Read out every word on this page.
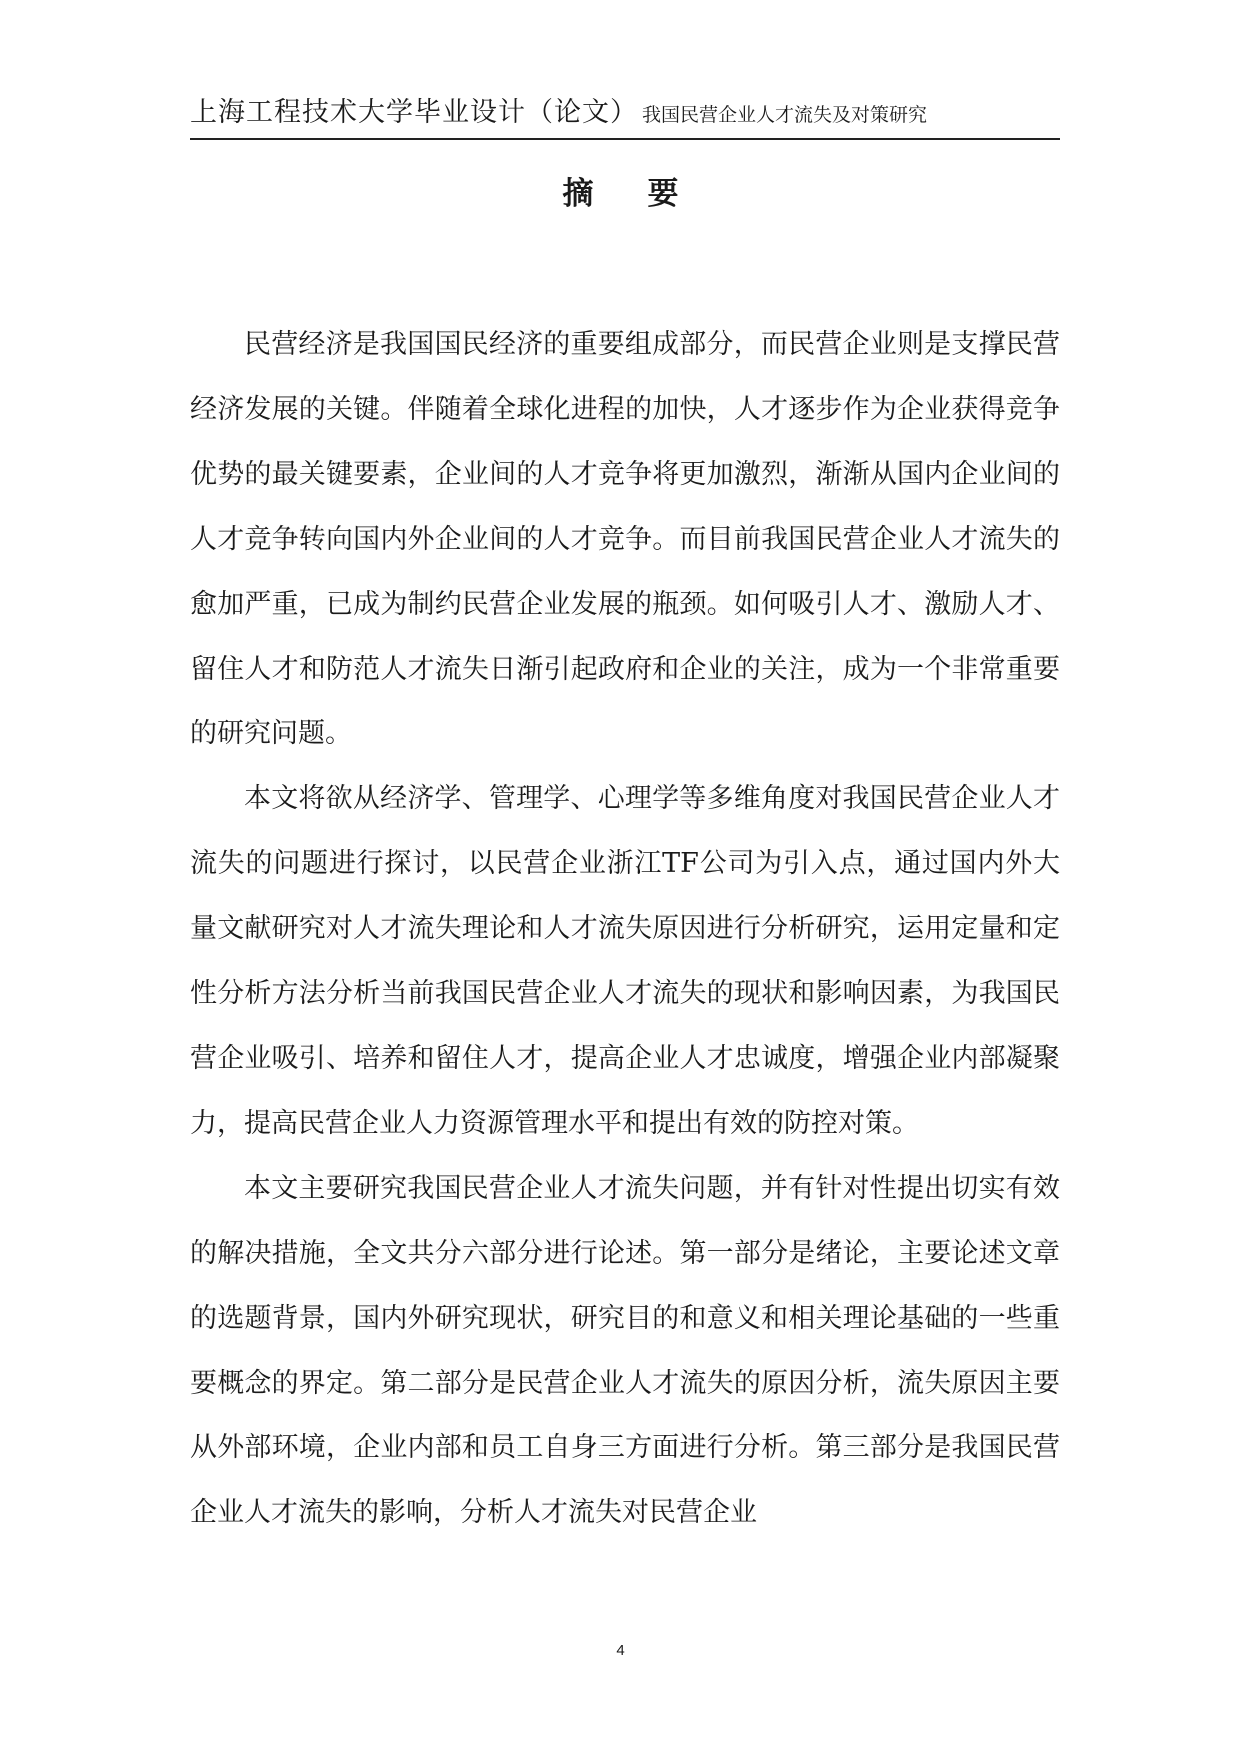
上海工程技术大学毕业设计（论文） 我国民营企业人才流失及对策研究
摘要

民营经济是我国国民经济的重要组成部分，而民营企业则是支撑民营经济发展的关键。伴随着全球化进程的加快，人才逐步作为企业获得竞争优势的最关键要素，企业间的人才竞争将更加激烈，渐渐从国内企业间的人才竞争转向国内外企业间的人才竞争。而目前我国民营企业人才流失的愈加严重，已成为制约民营企业发展的瓶颈。如何吸引人才、激励人才、留住人才和防范人才流失日渐引起政府和企业的关注，成为一个非常重要的研究问题。

本文将欲从经济学、管理学、心理学等多维角度对我国民营企业人才流失的问题进行探讨，以民营企业浙江TF公司为引入点，通过国内外大量文献研究对人才流失理论和人才流失原因进行分析研究，运用定量和定性分析方法分析当前我国民营企业人才流失的现状和影响因素，为我国民营企业吸引、培养和留住人才，提高企业人才忠诚度，增强企业内部凝聚力，提高民营企业人力资源管理水平和提出有效的防控对策。

本文主要研究我国民营企业人才流失问题，并有针对性提出切实有效的解决措施，全文共分六部分进行论述。第一部分是绪论，主要论述文章的选题背景，国内外研究现状，研究目的和意义和相关理论基础的一些重要概念的界定。第二部分是民营企业人才流失的原因分析，流失原因主要从外部环境，企业内部和员工自身三方面进行分析。第三部分是我国民营企业人才流失的影响，分析人才流失对民营企业

4
